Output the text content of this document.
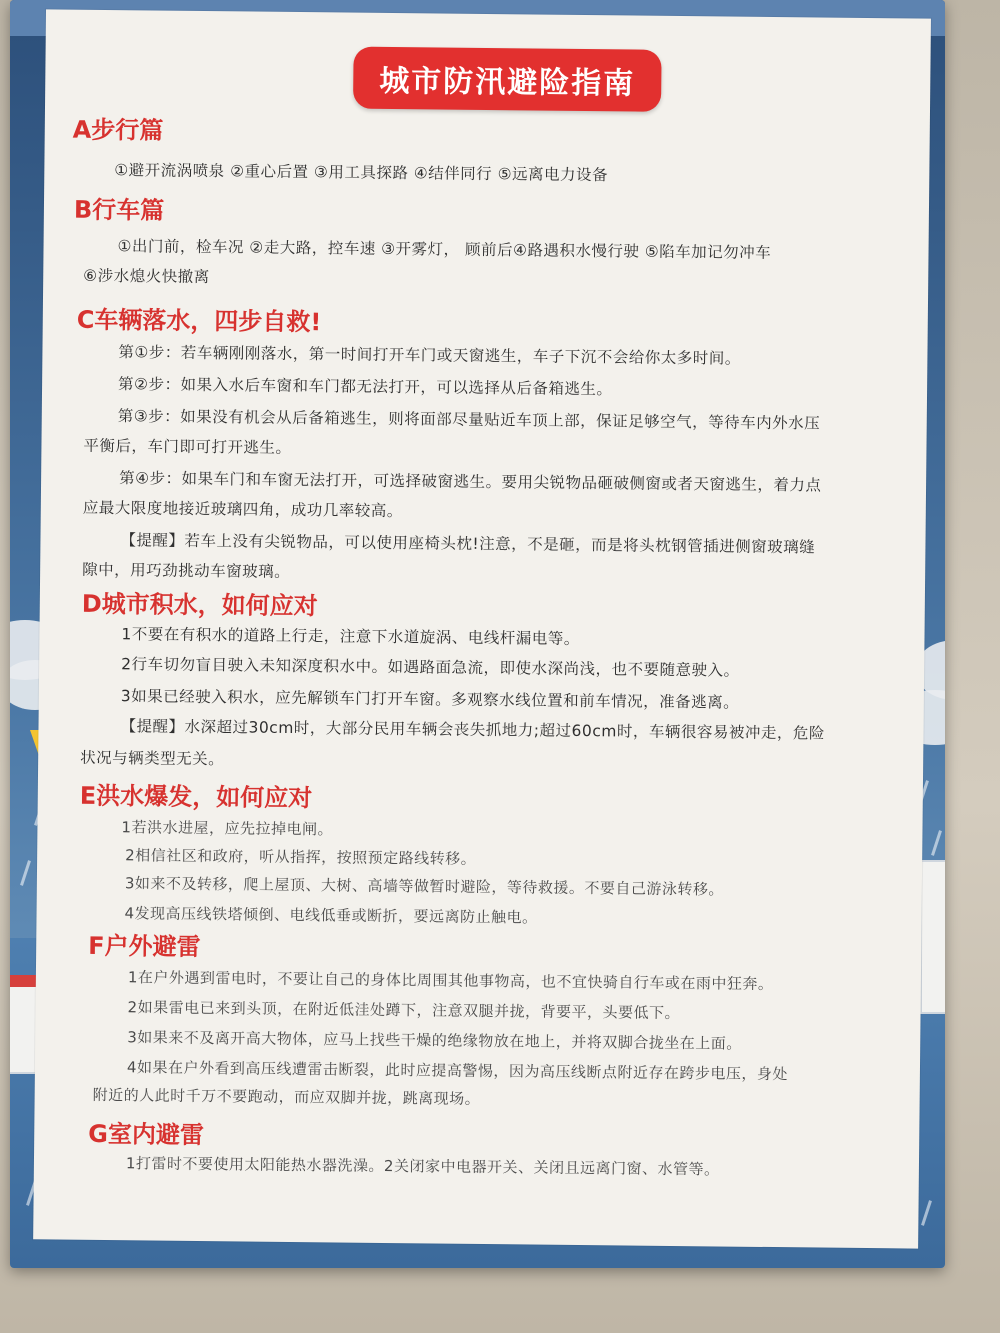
城市防汛避险指南
A步行篇
①避开流涡喷泉 ②重心后置 ③用工具探路 ④结伴同行 ⑤远离电力设备
B行车篇
①出门前，检车况 ②走大路，控车速 ③开雾灯， 顾前后④路遇积水慢行驶 ⑤陷车加记勿冲车
⑥涉水熄火快撤离
C车辆落水，四步自救!
第①步：若车辆刚刚落水，第一时间打开车门或天窗逃生，车子下沉不会给你太多时间。
第②步：如果入水后车窗和车门都无法打开，可以选择从后备箱逃生。
第③步：如果没有机会从后备箱逃生，则将面部尽量贴近车顶上部，保证足够空气，等待车内外水压
平衡后，车门即可打开逃生。
第④步：如果车门和车窗无法打开，可选择破窗逃生。要用尖锐物品砸破侧窗或者天窗逃生，着力点
应最大限度地接近玻璃四角，成功几率较高。
【提醒】若车上没有尖锐物品，可以使用座椅头枕!注意，不是砸，而是将头枕钢管插进侧窗玻璃缝
隙中，用巧劲挑动车窗玻璃。
D城市积水，如何应对
1不要在有积水的道路上行走，注意下水道旋涡、电线杆漏电等。
2行车切勿盲目驶入未知深度积水中。如遇路面急流，即使水深尚浅，也不要随意驶入。
3如果已经驶入积水，应先解锁车门打开车窗。多观察水线位置和前车情况，准备逃离。
【提醒】水深超过30cm时，大部分民用车辆会丧失抓地力;超过60cm时，车辆很容易被冲走，危险
状况与辆类型无关。
E洪水爆发，如何应对
1若洪水进屋，应先拉掉电闸。
2相信社区和政府，听从指挥，按照预定路线转移。
3如来不及转移，爬上屋顶、大树、高墙等做暂时避险，等待救援。不要自己游泳转移。
4发现高压线铁塔倾倒、电线低垂或断折，要远离防止触电。
F户外避雷
1在户外遇到雷电时，不要让自己的身体比周围其他事物高，也不宜快骑自行车或在雨中狂奔。
2如果雷电已来到头顶，在附近低洼处蹲下，注意双腿并拢，背要平，头要低下。
3如果来不及离开高大物体，应马上找些干燥的绝缘物放在地上，并将双脚合拢坐在上面。
4如果在户外看到高压线遭雷击断裂，此时应提高警惕，因为高压线断点附近存在跨步电压，身处
附近的人此时千万不要跑动，而应双脚并拢，跳离现场。
G室内避雷
1打雷时不要使用太阳能热水器洗澡。2关闭家中电器开关、关闭且远离门窗、水管等。
